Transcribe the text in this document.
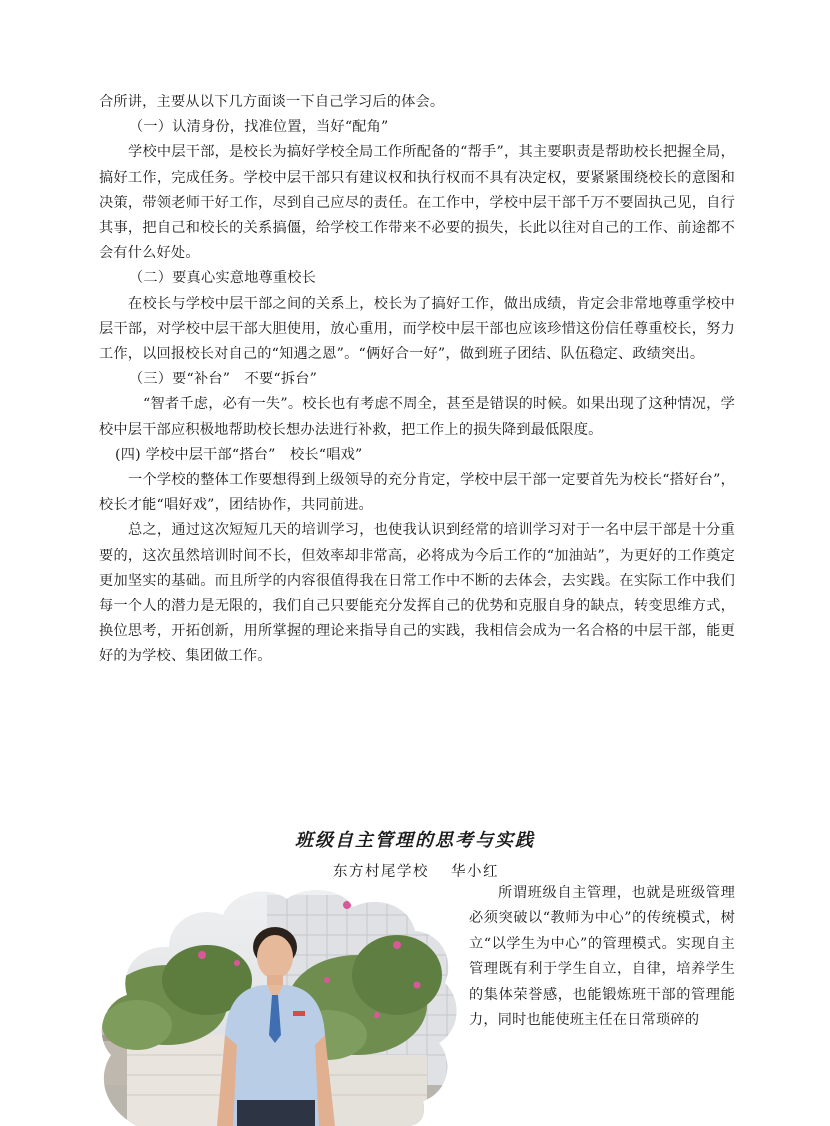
合所讲，主要从以下几方面谈一下自己学习后的体会。

（一）认清身份，找准位置，当好“配角”

学校中层干部，是校长为搞好学校全局工作所配备的“帮手”，其主要职责是帮助校长把握全局，搞好工作，完成任务。学校中层干部只有建议权和执行权而不具有决定权，要紧紧围绕校长的意图和决策，带领老师干好工作，尽到自己应尽的责任。在工作中，学校中层干部千万不要固执己见，自行其事，把自己和校长的关系搞僵，给学校工作带来不必要的损失，长此以往对自己的工作、前途都不会有什么好处。

（二）要真心实意地尊重校长

在校长与学校中层干部之间的关系上，校长为了搞好工作，做出成绩，肯定会非常地尊重学校中层干部，对学校中层干部大胆使用，放心重用，而学校中层干部也应该珍惜这份信任尊重校长，努力工作，以回报校长对自己的“知遇之恩”。“俩好合一好”，做到班子团结、队伍稳定、政绩突出。

（三）要“补台”　不要“拆台”

“智者千虑，必有一失”。校长也有考虑不周全，甚至是错误的时候。如果出现了这种情况，学校中层干部应积极地帮助校长想办法进行补救，把工作上的损失降到最低限度。

(四) 学校中层干部“搭台”　校长“唱戏”

一个学校的整体工作要想得到上级领导的充分肯定，学校中层干部一定要首先为校长“搭好台”，校长才能“唱好戏”，团结协作，共同前进。

总之，通过这次短短几天的培训学习，也使我认识到经常的培训学习对于一名中层干部是十分重要的，这次虽然培训时间不长，但效率却非常高，必将成为今后工作的“加油站”，为更好的工作奠定更加坚实的基础。而且所学的内容很值得我在日常工作中不断的去体会，去实践。在实际工作中我们每一个人的潜力是无限的，我们自己只要能充分发挥自己的优势和克服自身的缺点，转变思维方式，换位思考，开拓创新，用所掌握的理论来指导自己的实践，我相信会成为一名合格的中层干部，能更好的为学校、集团做工作。

班级自主管理的思考与实践
东方村尾学校 华小红

所谓班级自主管理，也就是班级管理必须突破以“教师为中心”的传统模式，树立“以学生为中心”的管理模式。实现自主管理既有利于学生自立，自律，培养学生的集体荣誉感，也能锻炼班干部的管理能力，同时也能使班主任在日常琐碎的
